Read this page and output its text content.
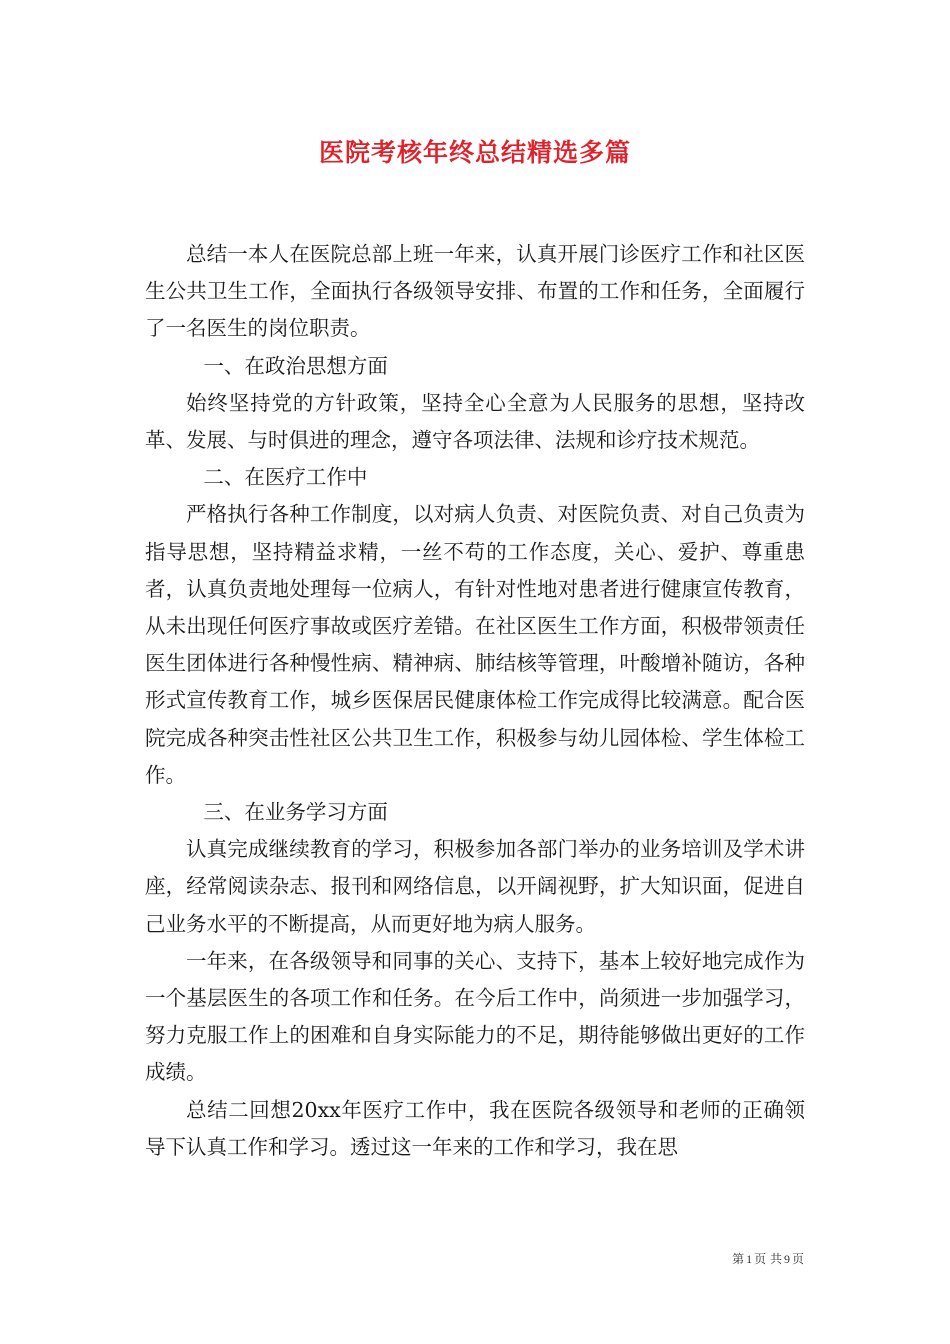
医院考核年终总结精选多篇

总结一本人在医院总部上班一年来，认真开展门诊医疗工作和社区医生公共卫生工作，全面执行各级领导安排、布置的工作和任务，全面履行了一名医生的岗位职责。

一、在政治思想方面

始终坚持党的方针政策，坚持全心全意为人民服务的思想，坚持改革、发展、与时俱进的理念，遵守各项法律、法规和诊疗技术规范。

二、在医疗工作中

严格执行各种工作制度，以对病人负责、对医院负责、对自己负责为指导思想，坚持精益求精，一丝不苟的工作态度，关心、爱护、尊重患者，认真负责地处理每一位病人，有针对性地对患者进行健康宣传教育，从未出现任何医疗事故或医疗差错。在社区医生工作方面，积极带领责任医生团体进行各种慢性病、精神病、肺结核等管理，叶酸增补随访，各种形式宣传教育工作，城乡医保居民健康体检工作完成得比较满意。配合医院完成各种突击性社区公共卫生工作，积极参与幼儿园体检、学生体检工作。

三、在业务学习方面

认真完成继续教育的学习，积极参加各部门举办的业务培训及学术讲座，经常阅读杂志、报刊和网络信息，以开阔视野，扩大知识面，促进自己业务水平的不断提高，从而更好地为病人服务。

一年来，在各级领导和同事的关心、支持下，基本上较好地完成作为一个基层医生的各项工作和任务。在今后工作中，尚须进一步加强学习，努力克服工作上的困难和自身实际能力的不足，期待能够做出更好的工作成绩。

总结二回想20xx年医疗工作中，我在医院各级领导和老师的正确领导下认真工作和学习。透过这一年来的工作和学习，我在思

第 1 页 共 9 页
